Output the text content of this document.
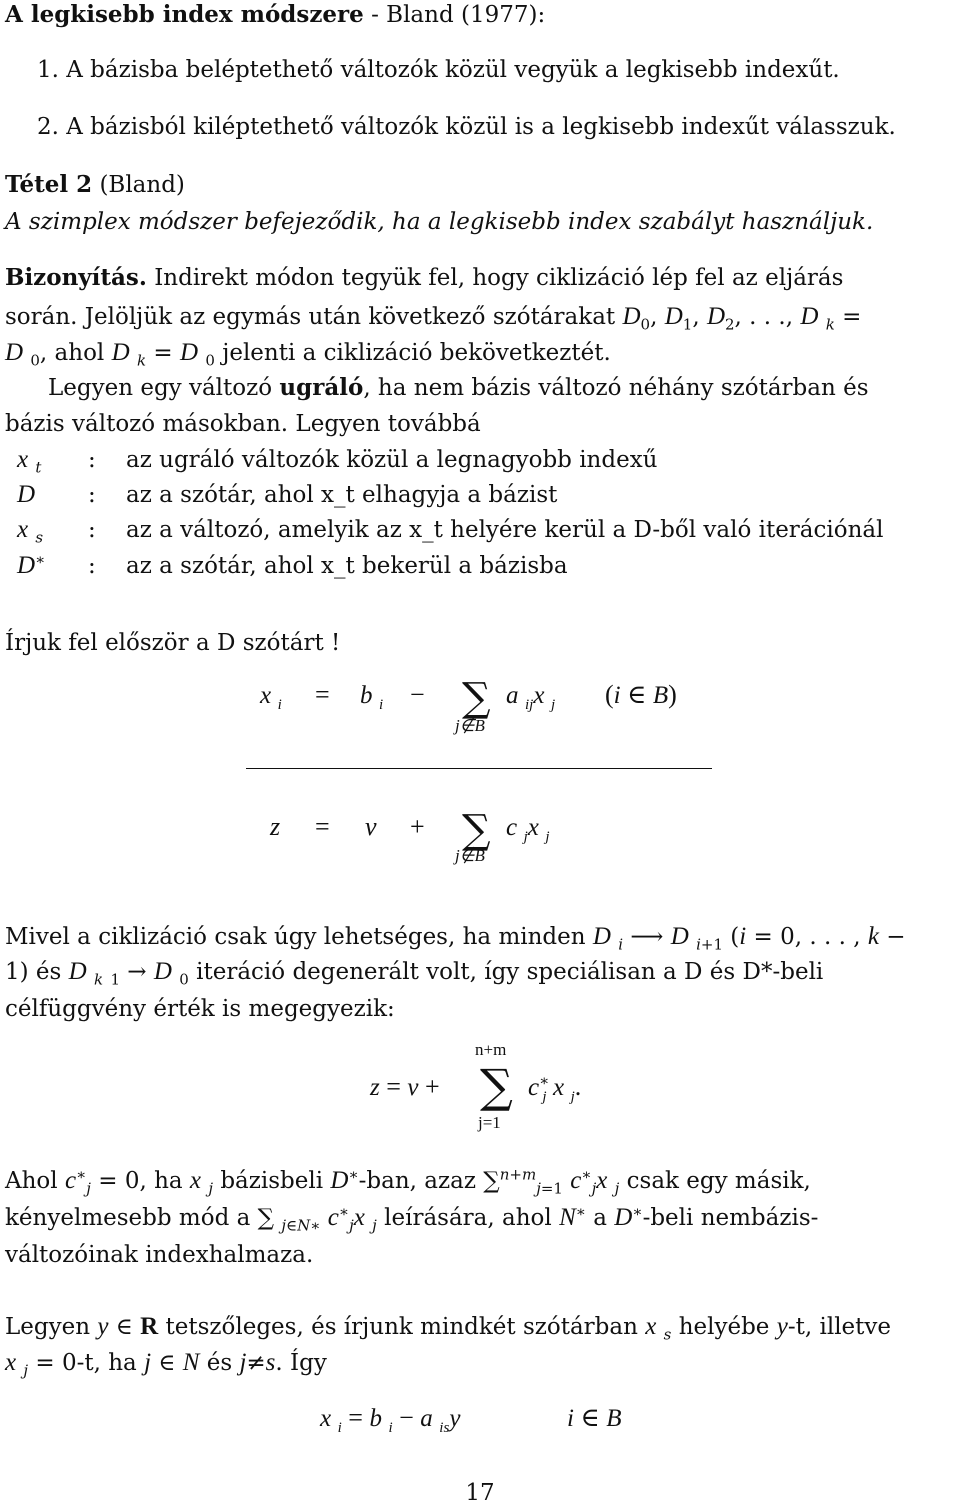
A legkisebb index módszere - Bland (1977):
1. A bázisba beléptethető változók közül vegyük a legkisebb indexűt.
2. A bázisból kiléptethető változók közül is a legkisebb indexűt válasszuk.
Tétel 2 (Bland)
A szimplex módszer befejeződik, ha a legkisebb index szabályt használjuk.
Bizonyítás. Indirekt módon tegyük fel, hogy ciklizáció lép fel az eljárás
során. Jelöljük az egymás után következő szótárakat $D_0$, $D_1$, $D_2$, . . ., D $_k$ =
D $_0$, ahol D $_k$ = D $_0$ jelenti a ciklizáció bekövetkeztét.
Legyen egy változó ugráló, ha nem bázis változó néhány szótárban és
bázis változó másokban. Legyen továbbá
x $_t$ : az ugráló változók közül a legnagyobb indexű
D : az a szótár, ahol x_t elhagyja a bázist
x $_s$ : az a változó, amelyik az x_t helyére kerül a D-ből való iterációnál
D∗ : az a szótár, ahol x_t bekerül a bázisba
Írjuk fel először a D szótárt !
x $_i$ = b $_i$ − ∑
j∉B
a $_{ij}$x $_j$ (i ∈ B)
z = v + ∑
j∉B
c $_j$x $_j$
Mivel a ciklizáció csak úgy lehetséges, ha minden D $_i$ ⟶ D $_{i+1}$ (i = 0, . . . , k −
1) és D $_k$ $_1$ → D $_0$ iteráció degenerált volt, így speciálisan a D és D*-beli
célfüggvény érték is megegyezik:
z = v +
n+m
∑
j=1
$c^∗_j$ x $_j$.
Ahol $c^∗_j = 0$, ha x $_j$ bázisbeli D∗-ban, azaz ∑$^{n+m}_{j=1}$ $c^∗_jx$ $_j$ csak egy másik,
kényelmesebb mód a ∑ $_{j\in N∗}$ $c^∗_jx$ $_j$ leírására, ahol N∗ a D∗-beli nembázis-
változóinak indexhalmaza.
Legyen y ∈ R tetszőleges, és írjunk mindkét szótárban x $_s$ helyébe y-t, illetve
x $_j$ = 0-t, ha j ∈ N és j≠s. Így
x $_i$ = b $_i$ − a $_{is}$y	i ∈ B
17
